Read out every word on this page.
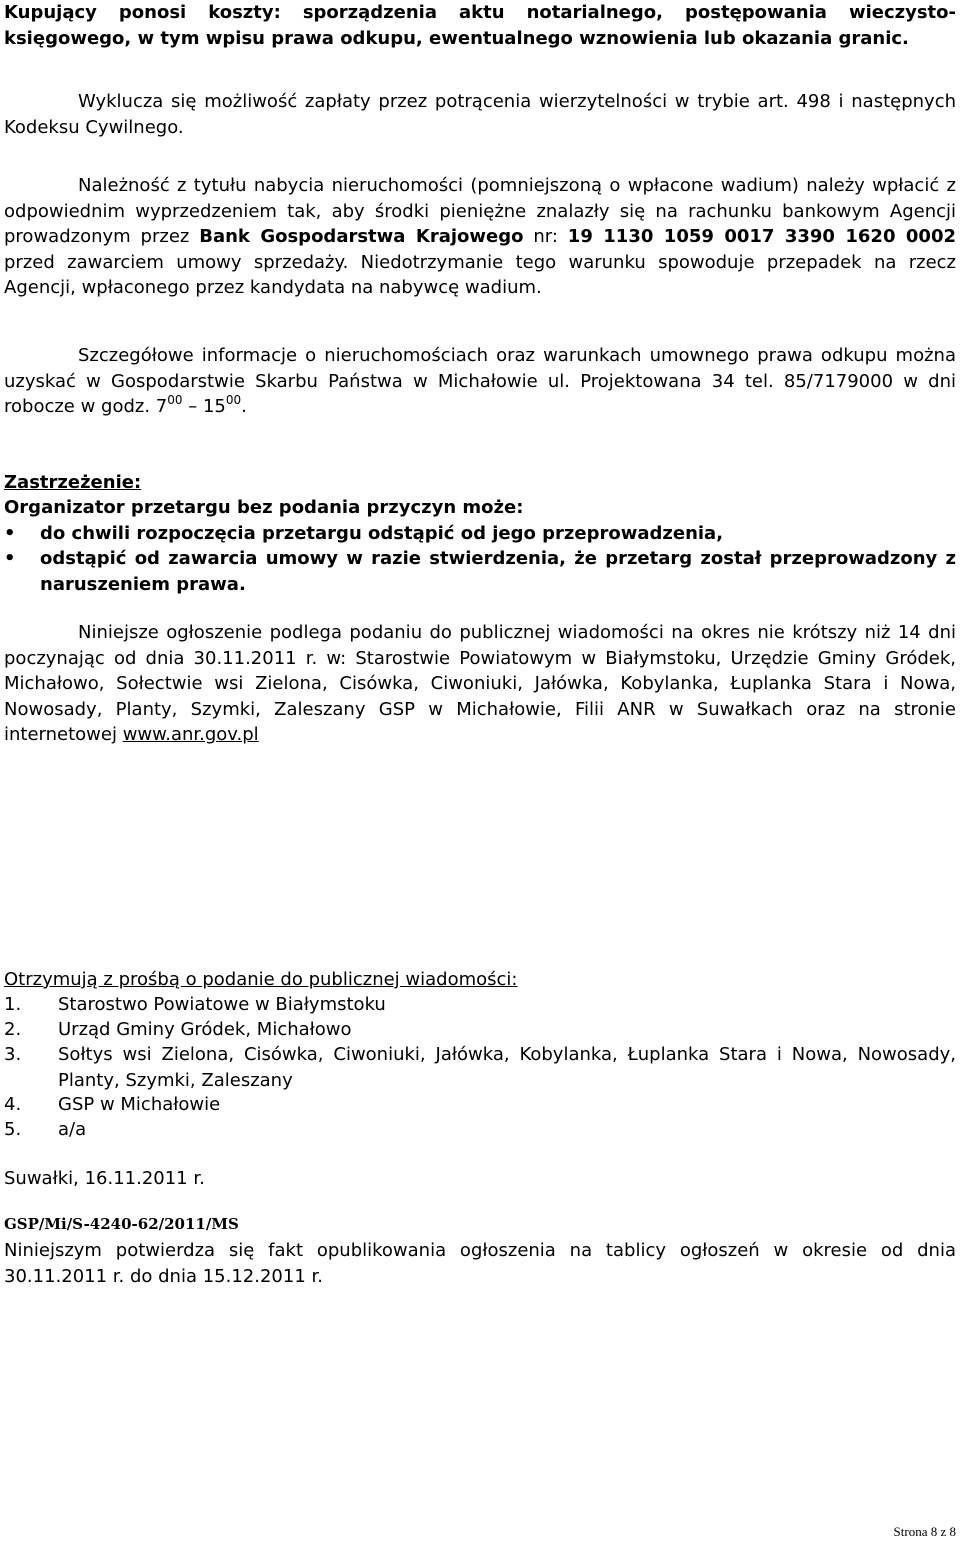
Kupujący ponosi koszty: sporządzenia aktu notarialnego, postępowania wieczysto-księgowego, w tym wpisu prawa odkupu, ewentualnego wznowienia lub okazania granic.
Wyklucza się możliwość zapłaty przez potrącenia wierzytelności w trybie art. 498 i następnych Kodeksu Cywilnego.
Należność z tytułu nabycia nieruchomości (pomniejszoną o wpłacone wadium) należy wpłacić z odpowiednim wyprzedzeniem tak, aby środki pieniężne znalazły się na rachunku bankowym Agencji prowadzonym przez Bank Gospodarstwa Krajowego nr: 19 1130 1059 0017 3390 1620 0002 przed zawarciem umowy sprzedaży. Niedotrzymanie tego warunku spowoduje przepadek na rzecz Agencji, wpłaconego przez kandydata na nabywcę wadium.
Szczegółowe informacje o nieruchomościach oraz warunkach umownego prawa odkupu można uzyskać w Gospodarstwie Skarbu Państwa w Michałowie ul. Projektowana 34 tel. 85/7179000 w dni robocze w godz. $7^{00} - 15^{00}$.
Zastrzeżenie:
Organizator przetargu bez podania przyczyn może:
•	do chwili rozpoczęcia przetargu odstąpić od jego przeprowadzenia,
•	odstąpić od zawarcia umowy w razie stwierdzenia, że przetarg został przeprowadzony z naruszeniem prawa.
Niniejsze ogłoszenie podlega podaniu do publicznej wiadomości na okres nie krótszy niż 14 dni poczynając od dnia 30.11.2011 r. w: Starostwie Powiatowym w Białymstoku, Urzędzie Gminy Gródek, Michałowo, Sołectwie wsi Zielona, Cisówka, Ciwoniuki, Jałówka, Kobylanka, Łuplanka Stara i Nowa, Nowosady, Planty, Szymki, Zaleszany GSP w Michałowie, Filii ANR w Suwałkach oraz na stronie internetowej www.anr.gov.pl
Otrzymują z prośbą o podanie do publicznej wiadomości:
1.	Starostwo Powiatowe w Białymstoku
2.	Urząd Gminy Gródek, Michałowo
3.	Sołtys wsi Zielona, Cisówka, Ciwoniuki, Jałówka, Kobylanka, Łuplanka Stara i Nowa, Nowosady, Planty, Szymki, Zaleszany
4.	GSP w Michałowie
5.	a/a
Suwałki, 16.11.2011 r.
GSP/Mi/S-4240-62/2011/MS
Niniejszym potwierdza się fakt opublikowania ogłoszenia na tablicy ogłoszeń w okresie od dnia 30.11.2011 r. do dnia 15.12.2011 r.
Strona 8 z 8
